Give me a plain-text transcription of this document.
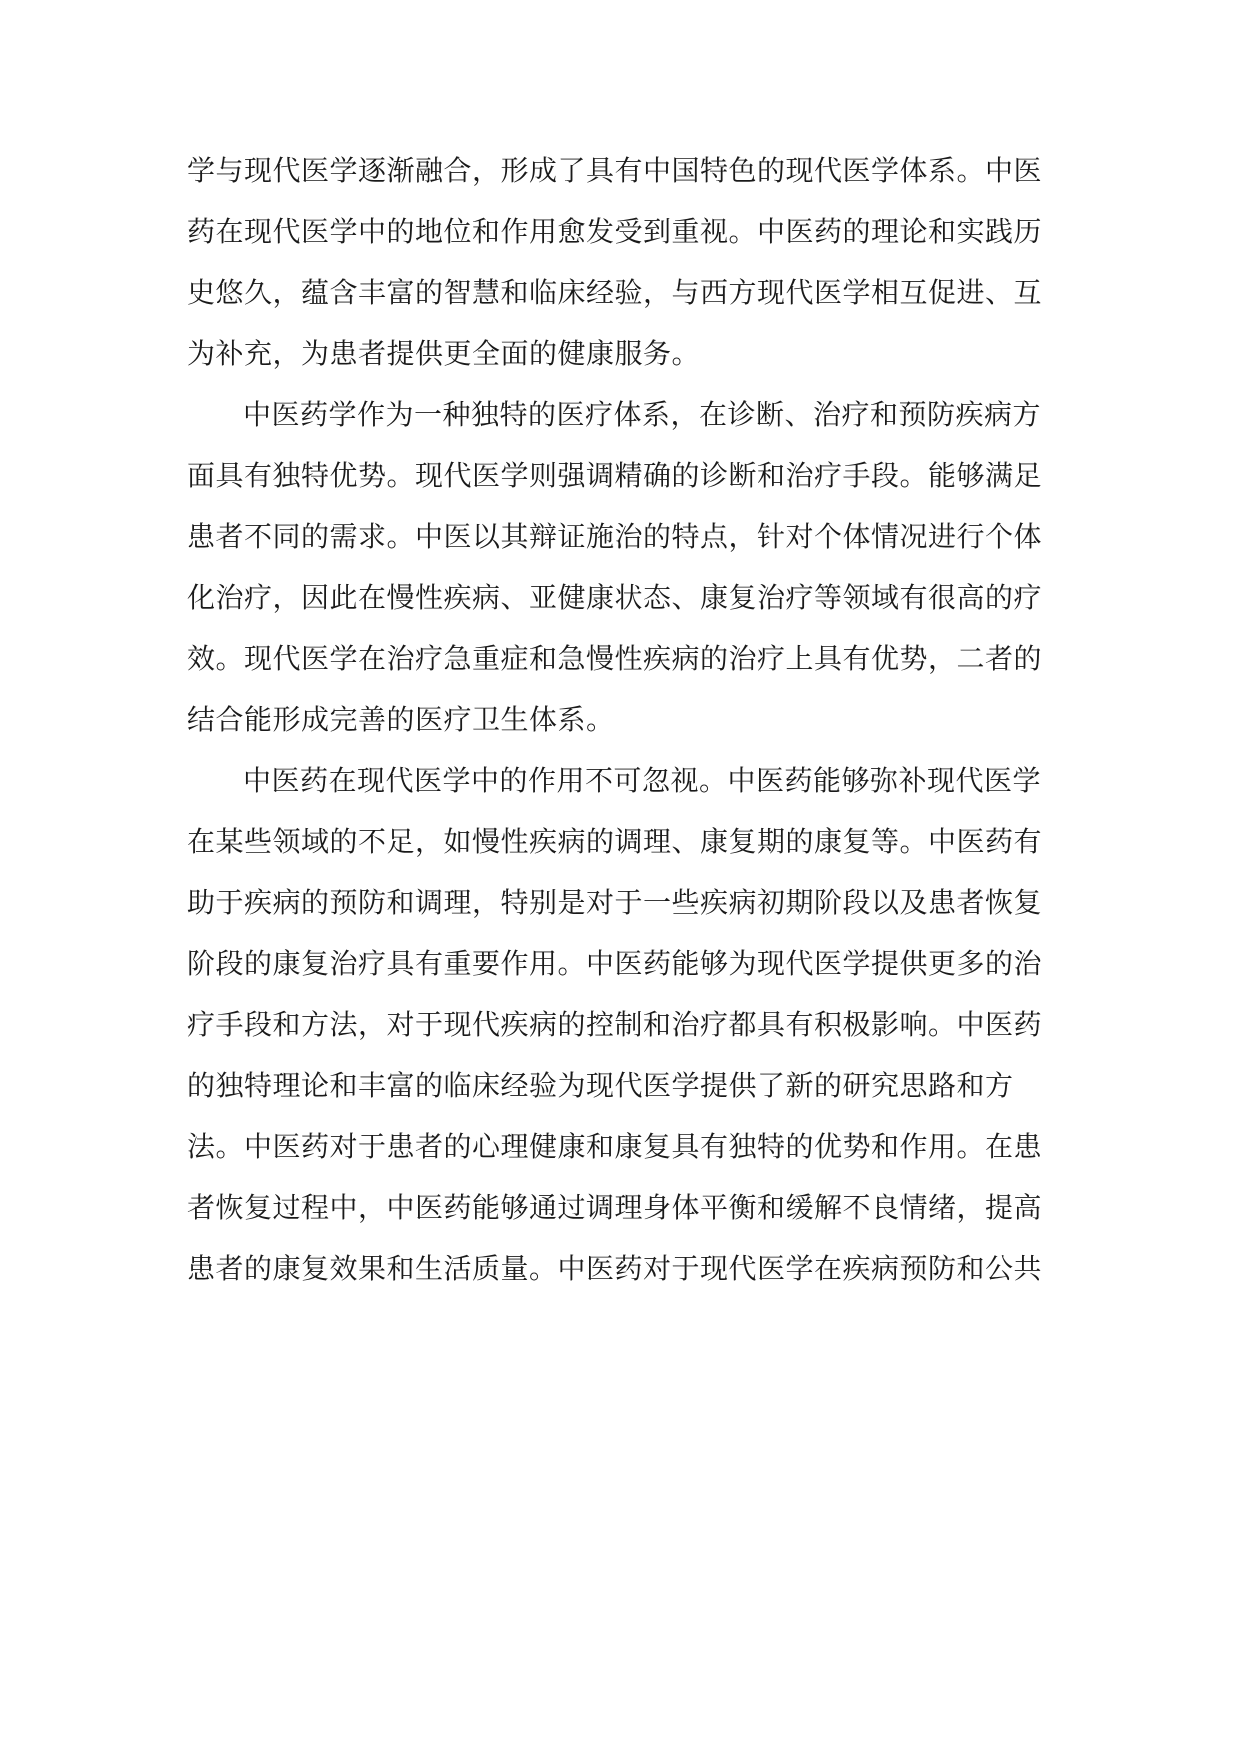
学与现代医学逐渐融合，形成了具有中国特色的现代医学体系。中医药在现代医学中的地位和作用愈发受到重视。中医药的理论和实践历史悠久，蕴含丰富的智慧和临床经验，与西方现代医学相互促进、互为补充，为患者提供更全面的健康服务。

中医药学作为一种独特的医疗体系，在诊断、治疗和预防疾病方面具有独特优势。现代医学则强调精确的诊断和治疗手段。能够满足患者不同的需求。中医以其辩证施治的特点，针对个体情况进行个体化治疗，因此在慢性疾病、亚健康状态、康复治疗等领域有很高的疗效。现代医学在治疗急重症和急慢性疾病的治疗上具有优势，二者的结合能形成完善的医疗卫生体系。

中医药在现代医学中的作用不可忽视。中医药能够弥补现代医学在某些领域的不足，如慢性疾病的调理、康复期的康复等。中医药有助于疾病的预防和调理，特别是对于一些疾病初期阶段以及患者恢复阶段的康复治疗具有重要作用。中医药能够为现代医学提供更多的治疗手段和方法，对于现代疾病的控制和治疗都具有积极影响。中医药的独特理论和丰富的临床经验为现代医学提供了新的研究思路和方法。中医药对于患者的心理健康和康复具有独特的优势和作用。在患者恢复过程中，中医药能够通过调理身体平衡和缓解不良情绪，提高患者的康复效果和生活质量。中医药对于现代医学在疾病预防和公共
